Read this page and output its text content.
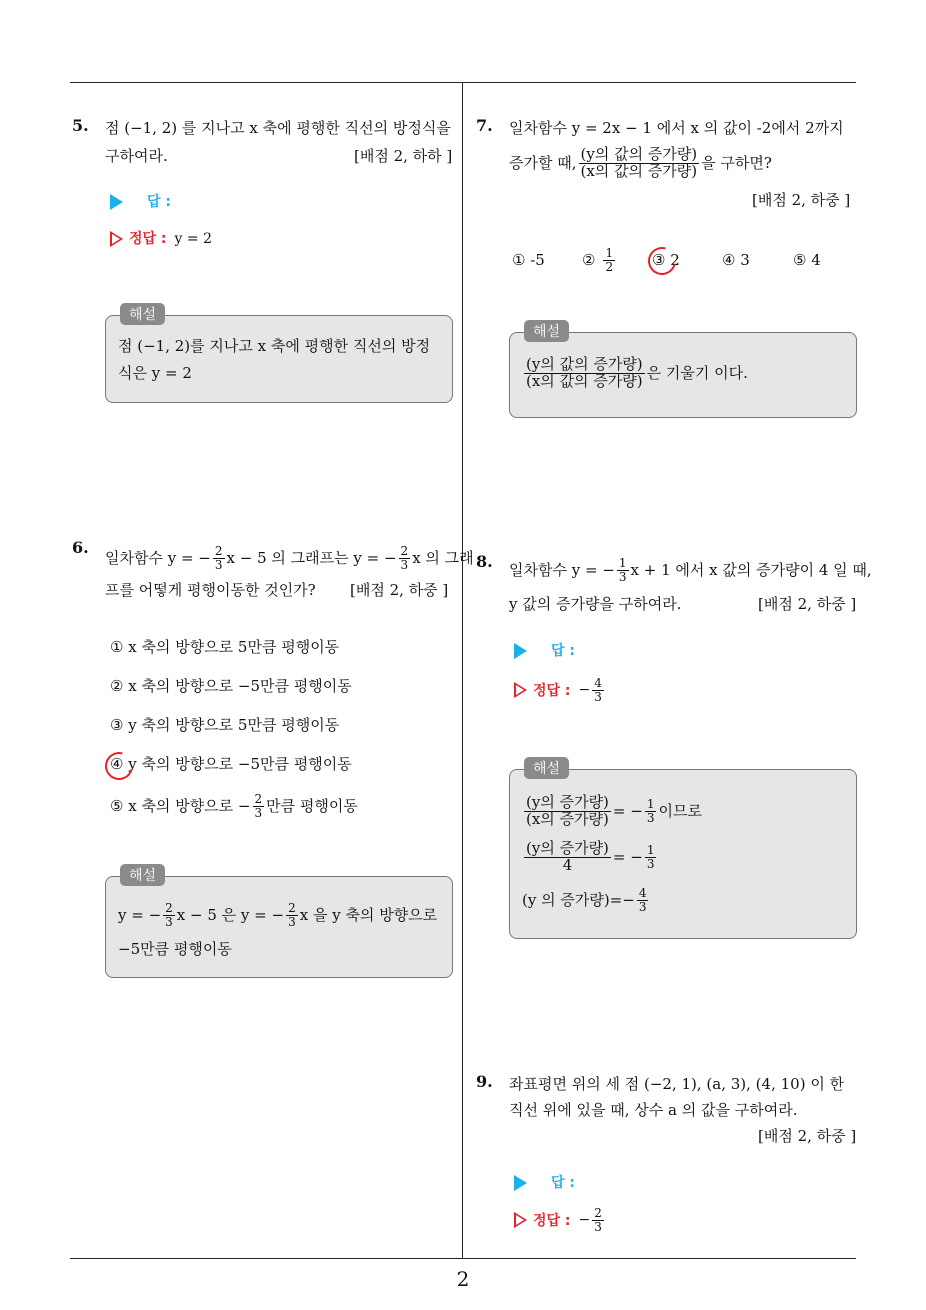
5. 점 (−1, 2) 를 지나고 x 축에 평행한 직선의 방정식을
구하여라.	[배점 2, 하하 ]
답 :
정답 : y = 2
점 (−1, 2)를 지나고 x 축에 평행한 직선의 방정
식은 y = 2
해설
6.
일차함수 y = − $\frac{2}{3}$ x − 5 의 그래프는 y = − $\frac{2}{3}$ x 의 그래
프를 어떻게 평행이동한 것인가? [배점 2, 하중 ]
① x 축의 방향으로 5만큼 평행이동
② x 축의 방향으로 −5만큼 평행이동
③ y 축의 방향으로 5만큼 평행이동
④ y 축의 방향으로 −5만큼 평행이동
⑤ x 축의 방향으로 − $\frac{2}{3}$ 만큼 평행이동
y = − $\frac{2}{3}$ x − 5 은 y = − $\frac{2}{3}$ x 을 y 축의 방향으로
−5만큼 평행이동
해설
7. 일차함수 y = 2x − 1 에서 x 의 값이 -2에서 2까지
증가할 때, $\frac{\text{(y의 값의 증가량)}}{\text{(x의 값의 증가량)}}$ 을 구하면?
[배점 2, 하중 ]
① -5 ② $\frac{1}{2}$ ③ 2	④ 3	⑤ 4
$\frac{\text{(y의 값의 증가량)}}{\text{(x의 값의 증가량)}}$ 은 기울기 이다.
해설
8. 일차함수 y = − $\frac{1}{3}$ x + 1 에서 x 값의 증가량이 4 일 때,
y 값의 증가량을 구하여라.	[배점 2, 하중 ]
답 :
정답 : − $\frac{4}{3}$
$\frac{\text{(y의 증가량)}}{\text{(x의 증가량)}}$ = − $\frac{1}{3}$ 이므로
$\frac{\text{(y의 증가량)}}{4}$ = − $\frac{1}{3}$
(y 의 증가량)=− $\frac{4}{3}$
해설
9. 좌표평면 위의 세 점 (−2, 1), (a, 3), (4, 10) 이 한
직선 위에 있을 때, 상수 a 의 값을 구하여라.
[배점 2, 하중 ]
답 :
정답 : − $\frac{2}{3}$
2
